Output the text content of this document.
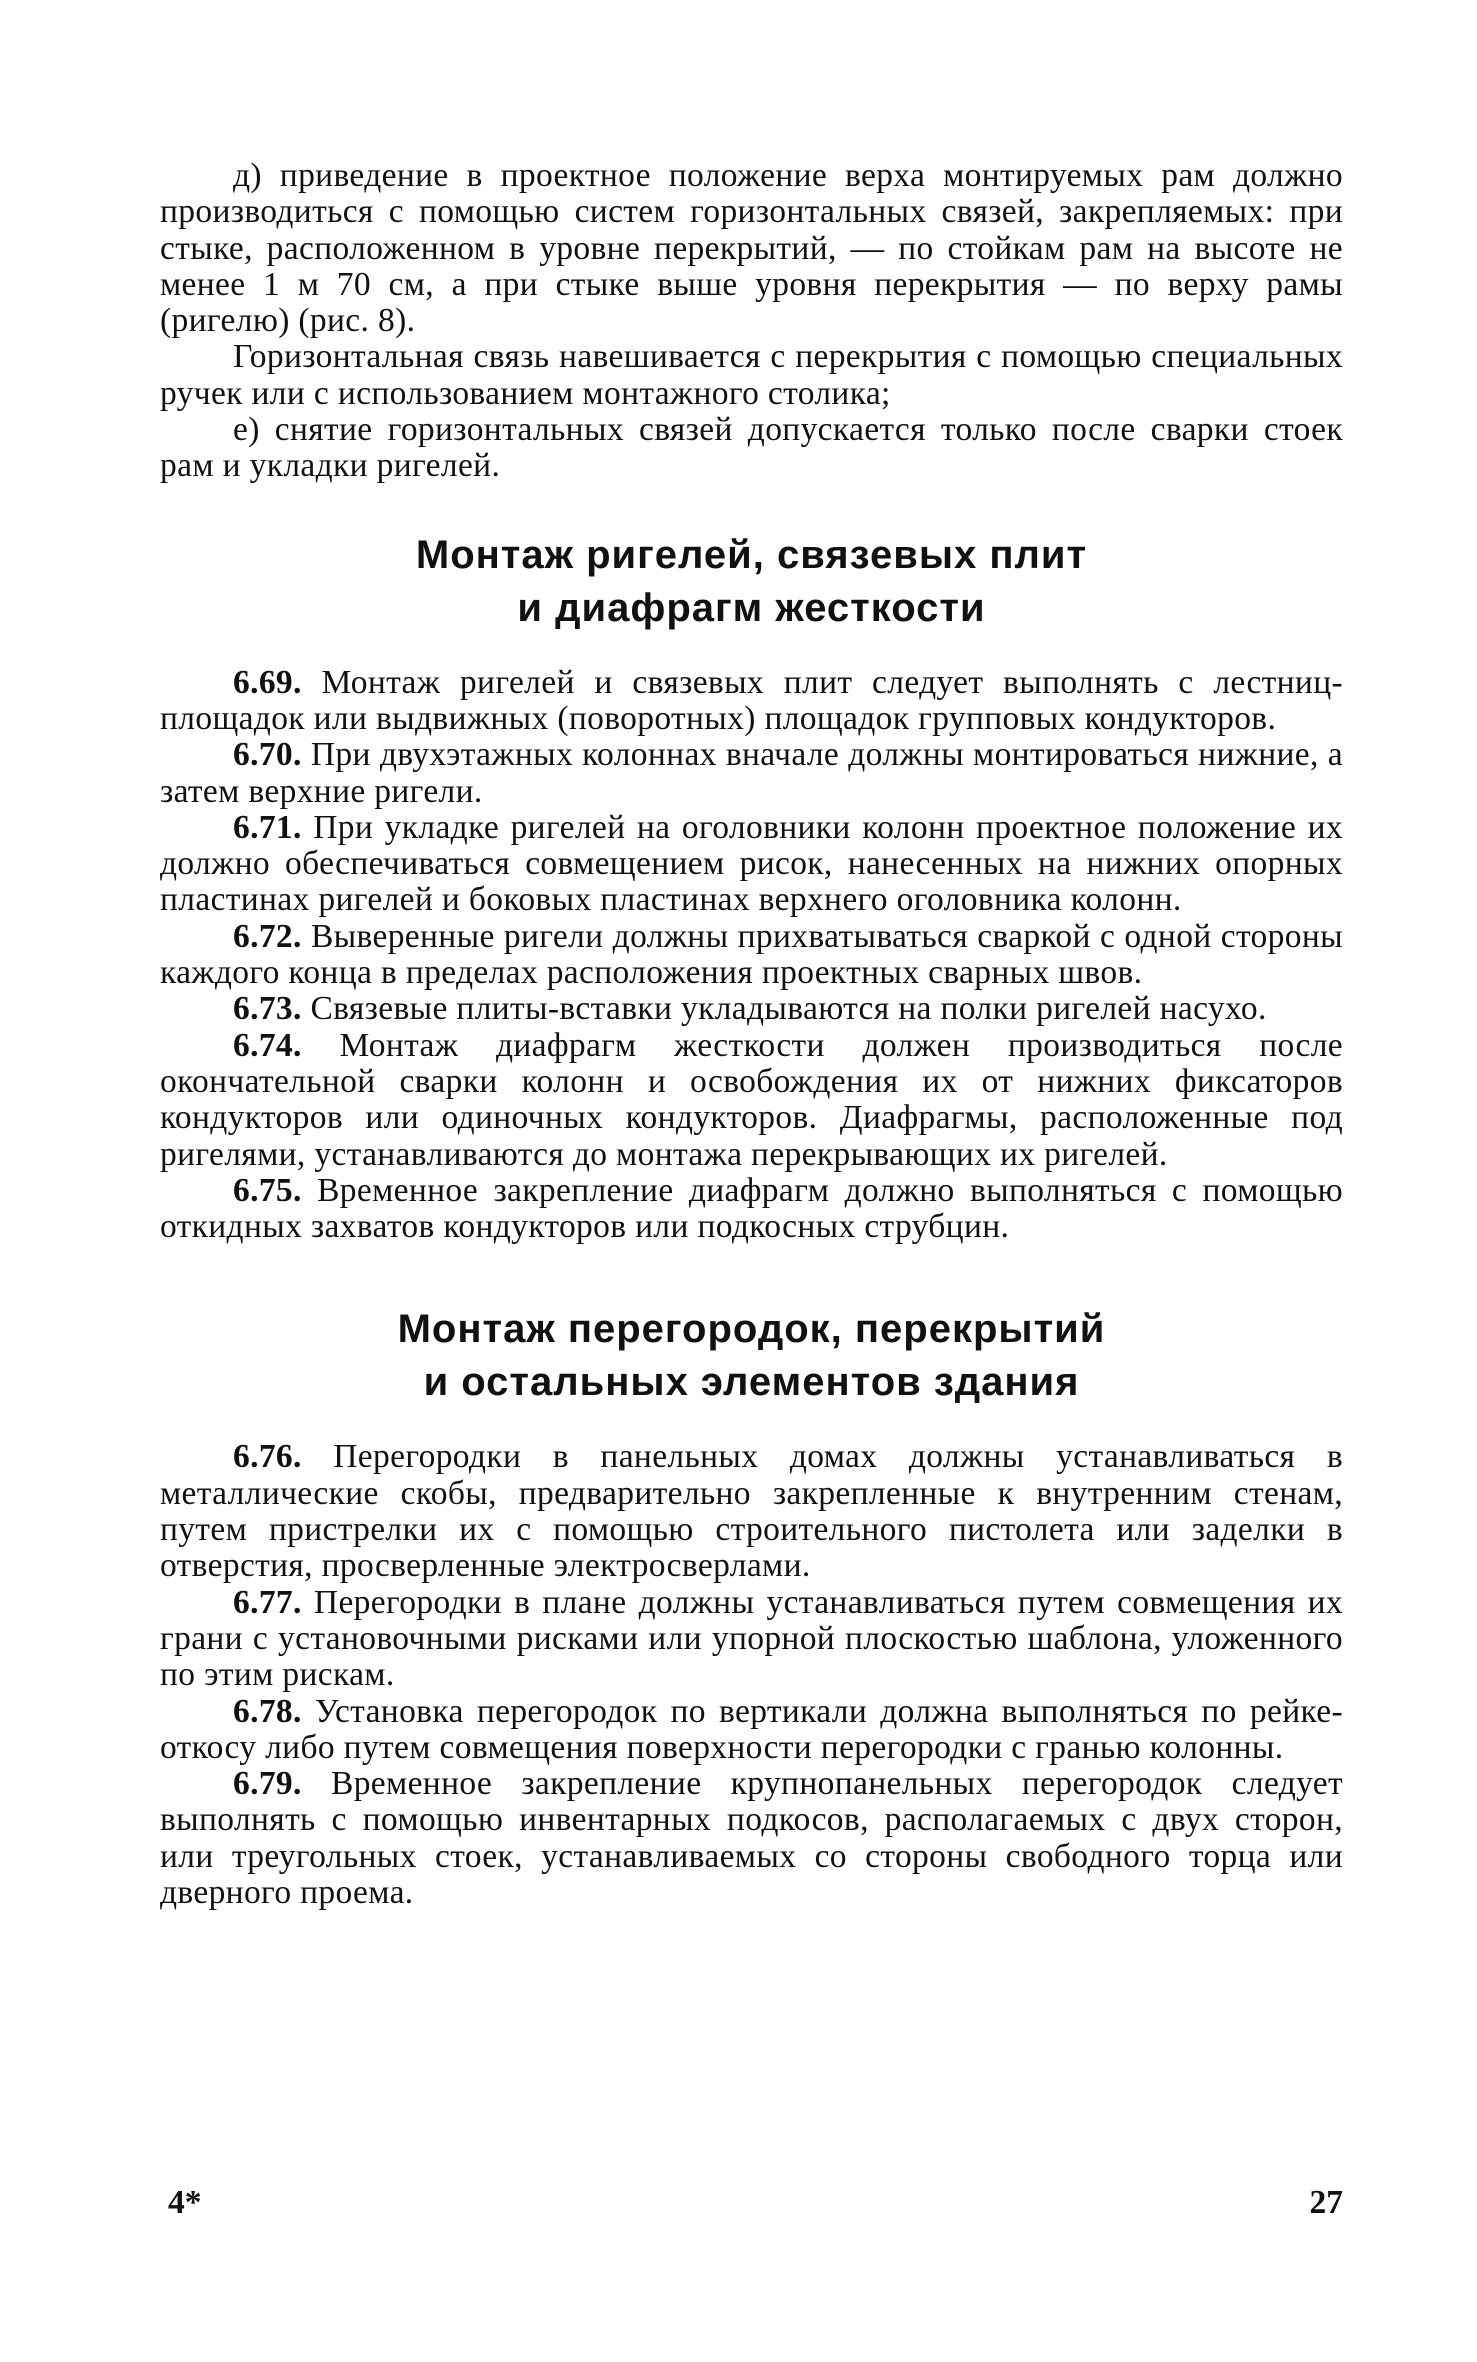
д) приведение в проектное положение верха монтируемых рам должно производиться с помощью систем горизонтальных связей, закрепляемых: при стыке, расположенном в уровне перекрытий, — по стойкам рам на высоте не менее 1 м 70 см, а при стыке выше уровня перекрытия — по верху рамы (ригелю) (рис. 8).

Горизонтальная связь навешивается с перекрытия с помощью специальных ручек или с использованием монтажного столика;

е) снятие горизонтальных связей допускается только после сварки стоек рам и укладки ригелей.

Монтаж ригелей, связевых плит
и диафрагм жесткости

6.69. Монтаж ригелей и связевых плит следует выполнять с лестниц-площадок или выдвижных (поворотных) площадок групповых кондукторов.

6.70. При двухэтажных колоннах вначале должны монтироваться нижние, а затем верхние ригели.

6.71. При укладке ригелей на оголовники колонн проектное положение их должно обеспечиваться совмещением рисок, нанесенных на нижних опорных пластинах ригелей и боковых пластинах верхнего оголовника колонн.

6.72. Выверенные ригели должны прихватываться сваркой с одной стороны каждого конца в пределах расположения проектных сварных швов.

6.73. Связевые плиты-вставки укладываются на полки ригелей насухо.

6.74. Монтаж диафрагм жесткости должен производиться после окончательной сварки колонн и освобождения их от нижних фиксаторов кондукторов или одиночных кондукторов. Диафрагмы, расположенные под ригелями, устанавливаются до монтажа перекрывающих их ригелей.

6.75. Временное закрепление диафрагм должно выполняться с помощью откидных захватов кондукторов или подкосных струбцин.

Монтаж перегородок, перекрытий
и остальных элементов здания

6.76. Перегородки в панельных домах должны устанавливаться в металлические скобы, предварительно закрепленные к внутренним стенам, путем пристрелки их с помощью строительного пистолета или заделки в отверстия, просверленные электросверлами.

6.77. Перегородки в плане должны устанавливаться путем совмещения их грани с установочными рисками или упорной плоскостью шаблона, уложенного по этим рискам.

6.78. Установка перегородок по вертикали должна выполняться по рейке-откосу либо путем совмещения поверхности перегородки с гранью колонны.

6.79. Временное закрепление крупнопанельных перегородок следует выполнять с помощью инвентарных подкосов, располагаемых с двух сторон, или треугольных стоек, устанавливаемых со стороны свободного торца или дверного проема.

4*	27
